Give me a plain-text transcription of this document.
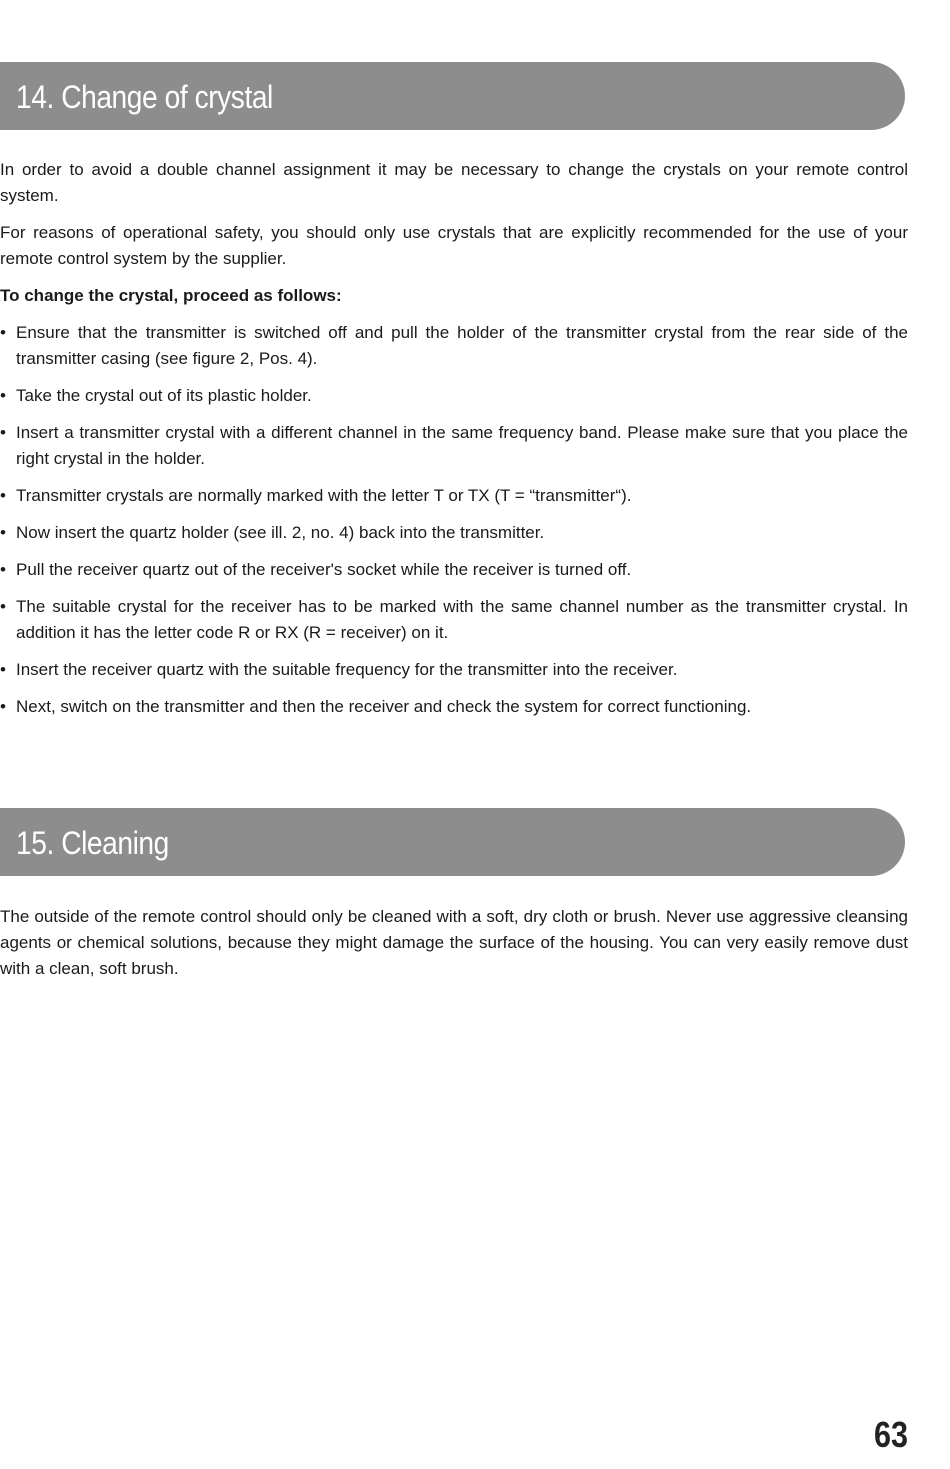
14. Change of crystal

In order to avoid a double channel assignment it may be necessary to change the crystals on your remote control system.

For reasons of operational safety, you should only use crystals that are explicitly recommended for the use of your remote control system by the supplier.

To change the crystal, proceed as follows:

• Ensure that the transmitter is switched off and pull the holder of the transmitter crystal from the rear side of the transmitter casing (see figure 2, Pos. 4).
• Take the crystal out of its plastic holder.
• Insert a transmitter crystal with a different channel in the same frequency band. Please make sure that you place the right crystal in the holder.
• Transmitter crystals are normally marked with the letter T or TX (T = “transmitter“).
• Now insert the quartz holder (see ill. 2, no. 4) back into the transmitter.
• Pull the receiver quartz out of the receiver's socket while the receiver is turned off.
• The suitable crystal for the receiver has to be marked with the same channel number as the transmitter crystal. In addition it has the letter code R or RX (R = receiver) on it.
• Insert the receiver quartz with the suitable frequency for the transmitter into the receiver.
• Next, switch on the transmitter and then the receiver and check the system for correct functioning.
15. Cleaning

The outside of the remote control should only be cleaned with a soft, dry cloth or brush. Never use aggressive cleansing agents or chemical solutions, because they might damage the surface of the housing. You can very easily remove dust with a clean, soft brush.

63
